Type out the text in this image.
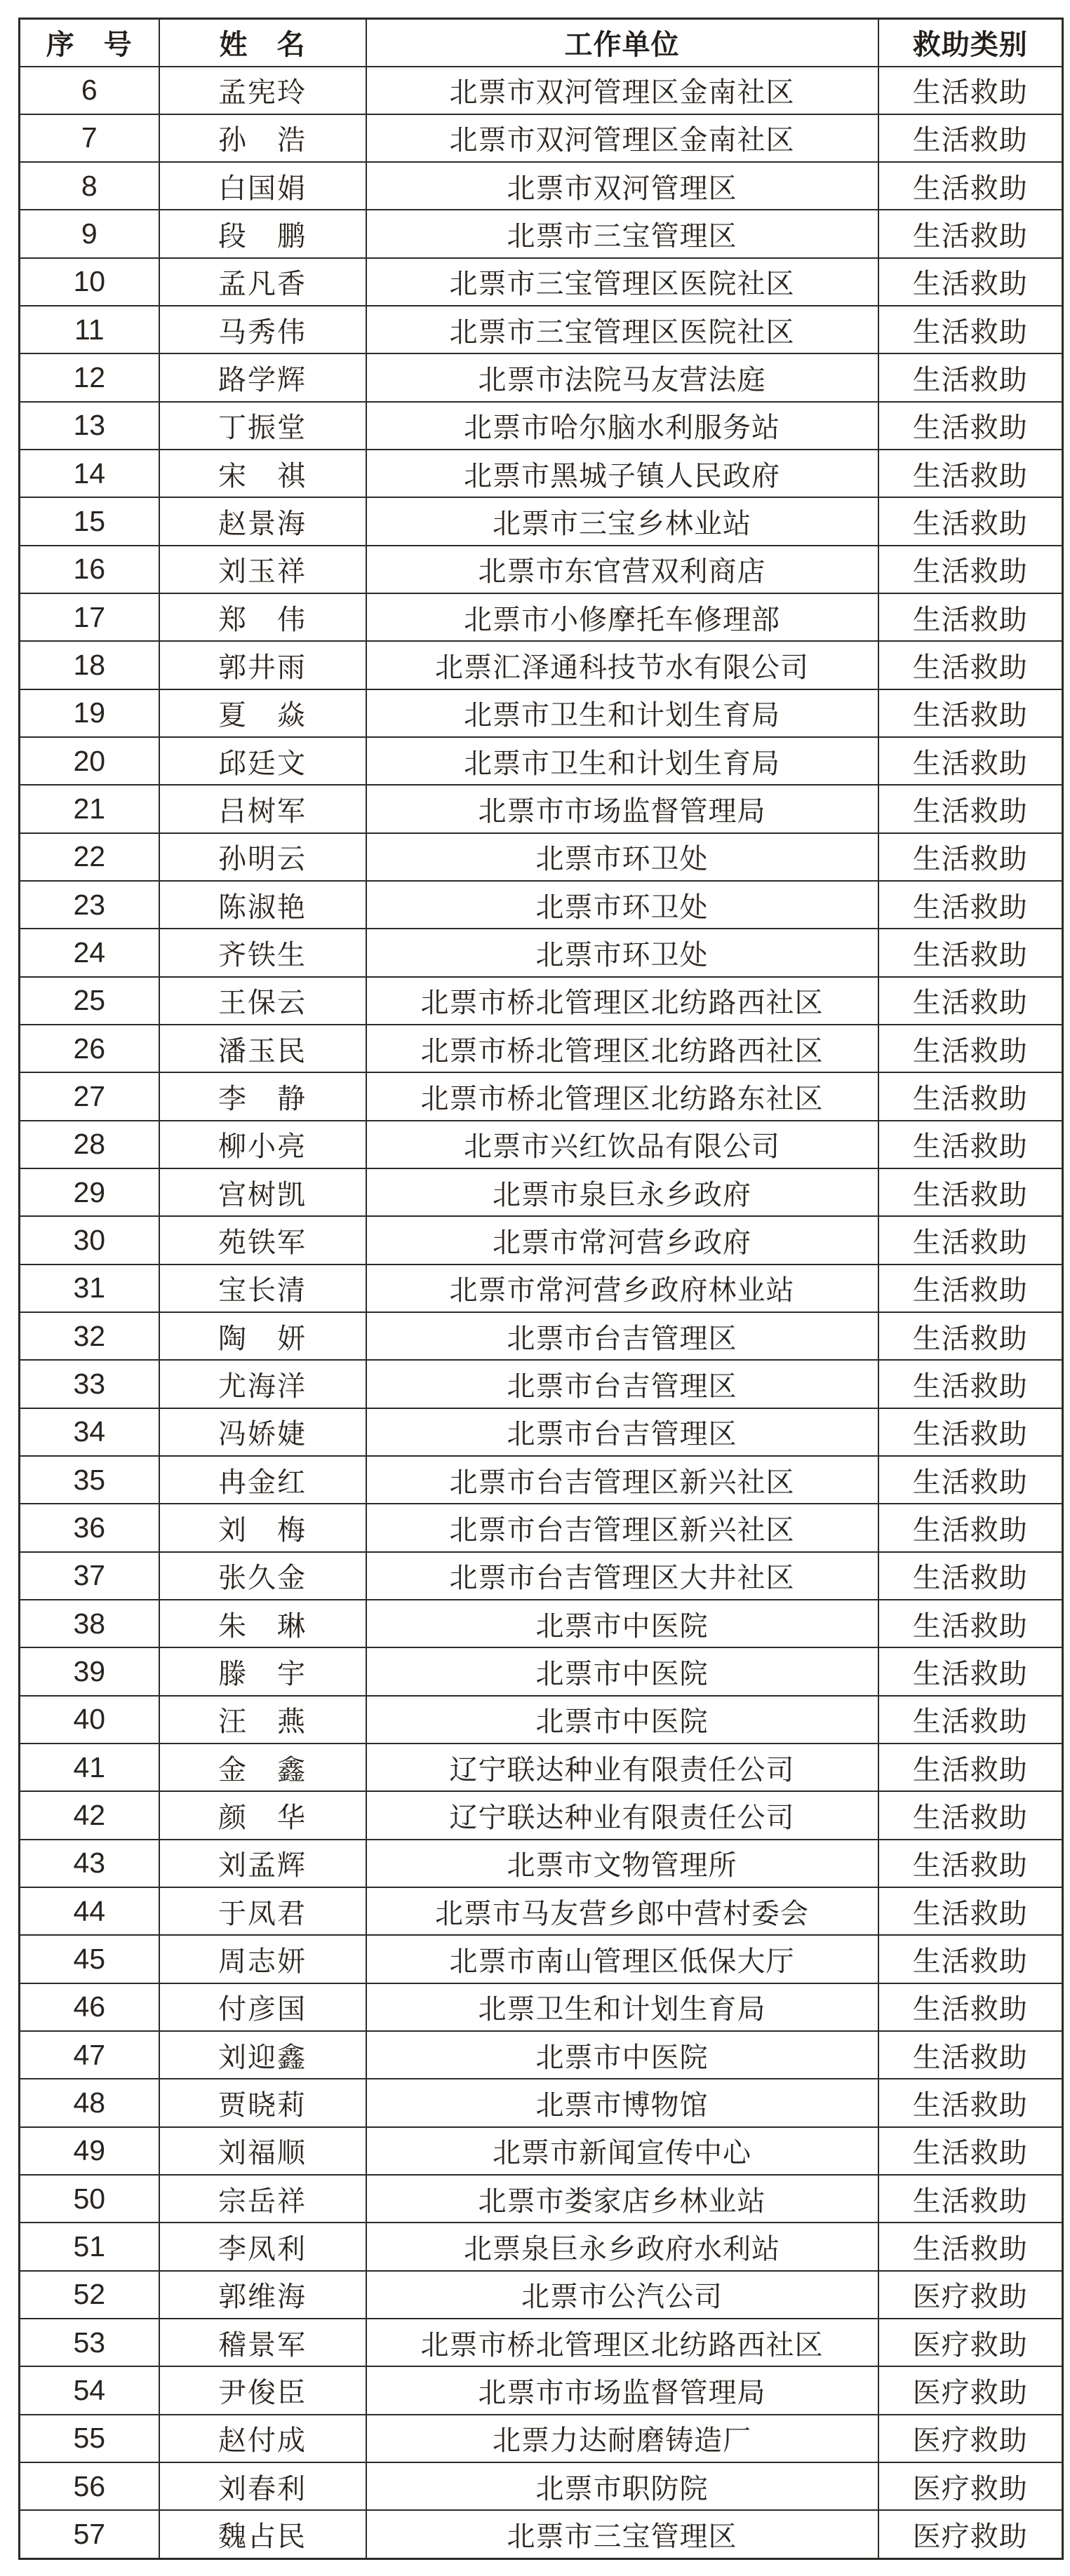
序　号	姓　名	工作单位	救助类别
6	孟宪玲	北票市双河管理区金南社区	生活救助
7	孙　浩	北票市双河管理区金南社区	生活救助
8	白国娟	北票市双河管理区	生活救助
9	段　鹏	北票市三宝管理区	生活救助
10	孟凡香	北票市三宝管理区医院社区	生活救助
11	马秀伟	北票市三宝管理区医院社区	生活救助
12	路学辉	北票市法院马友营法庭	生活救助
13	丁振堂	北票市哈尔脑水利服务站	生活救助
14	宋　祺	北票市黑城子镇人民政府	生活救助
15	赵景海	北票市三宝乡林业站	生活救助
16	刘玉祥	北票市东官营双利商店	生活救助
17	郑　伟	北票市小修摩托车修理部	生活救助
18	郭井雨	北票汇泽通科技节水有限公司	生活救助
19	夏　焱	北票市卫生和计划生育局	生活救助
20	邱廷文	北票市卫生和计划生育局	生活救助
21	吕树军	北票市市场监督管理局	生活救助
22	孙明云	北票市环卫处	生活救助
23	陈淑艳	北票市环卫处	生活救助
24	齐铁生	北票市环卫处	生活救助
25	王保云	北票市桥北管理区北纺路西社区	生活救助
26	潘玉民	北票市桥北管理区北纺路西社区	生活救助
27	李　静	北票市桥北管理区北纺路东社区	生活救助
28	柳小亮	北票市兴红饮品有限公司	生活救助
29	宫树凯	北票市泉巨永乡政府	生活救助
30	苑铁军	北票市常河营乡政府	生活救助
31	宝长清	北票市常河营乡政府林业站	生活救助
32	陶　妍	北票市台吉管理区	生活救助
33	尤海洋	北票市台吉管理区	生活救助
34	冯娇婕	北票市台吉管理区	生活救助
35	冉金红	北票市台吉管理区新兴社区	生活救助
36	刘　梅	北票市台吉管理区新兴社区	生活救助
37	张久金	北票市台吉管理区大井社区	生活救助
38	朱　琳	北票市中医院	生活救助
39	滕　宇	北票市中医院	生活救助
40	汪　燕	北票市中医院	生活救助
41	金　鑫	辽宁联达种业有限责任公司	生活救助
42	颜　华	辽宁联达种业有限责任公司	生活救助
43	刘孟辉	北票市文物管理所	生活救助
44	于凤君	北票市马友营乡郎中营村委会	生活救助
45	周志妍	北票市南山管理区低保大厅	生活救助
46	付彦国	北票卫生和计划生育局	生活救助
47	刘迎鑫	北票市中医院	生活救助
48	贾晓莉	北票市博物馆	生活救助
49	刘福顺	北票市新闻宣传中心	生活救助
50	宗岳祥	北票市娄家店乡林业站	生活救助
51	李凤利	北票泉巨永乡政府水利站	生活救助
52	郭维海	北票市公汽公司	医疗救助
53	稽景军	北票市桥北管理区北纺路西社区	医疗救助
54	尹俊臣	北票市市场监督管理局	医疗救助
55	赵付成	北票力达耐磨铸造厂	医疗救助
56	刘春利	北票市职防院	医疗救助
57	魏占民	北票市三宝管理区	医疗救助
